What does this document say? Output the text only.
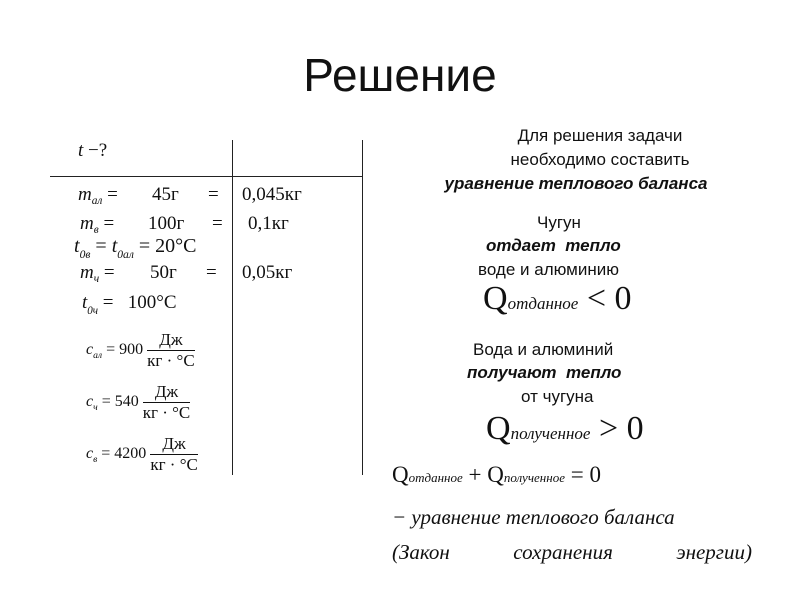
Решение
t −?
$m_{ал} = 45г = 0,045кг$
$m_в = 100г = 0,1кг$
$t_{0в} = t_{0ал} = 20^\circ C$
$m_ч = 50г = 0,05кг$
$t_{0ч} = 100^\circ C$
$c_{ал} = 900 \frac{Дж}{кг \cdot ^\circ C}$
$c_ч = 540 \frac{Дж}{кг \cdot ^\circ C}$
$c_в = 4200 \frac{Дж}{кг \cdot ^\circ C}$
Для решения задачи
необходимо составить
уравнение теплового баланса
Чугун
отдает  тепло
воде и алюминию
Qотданное < 0
Вода и алюминий
получают  тепло
от чугуна
Qполученное > 0
Qотданное + Qполученное = 0
− уравнение теплового баланса
(Закон	сохранения	энергии)
